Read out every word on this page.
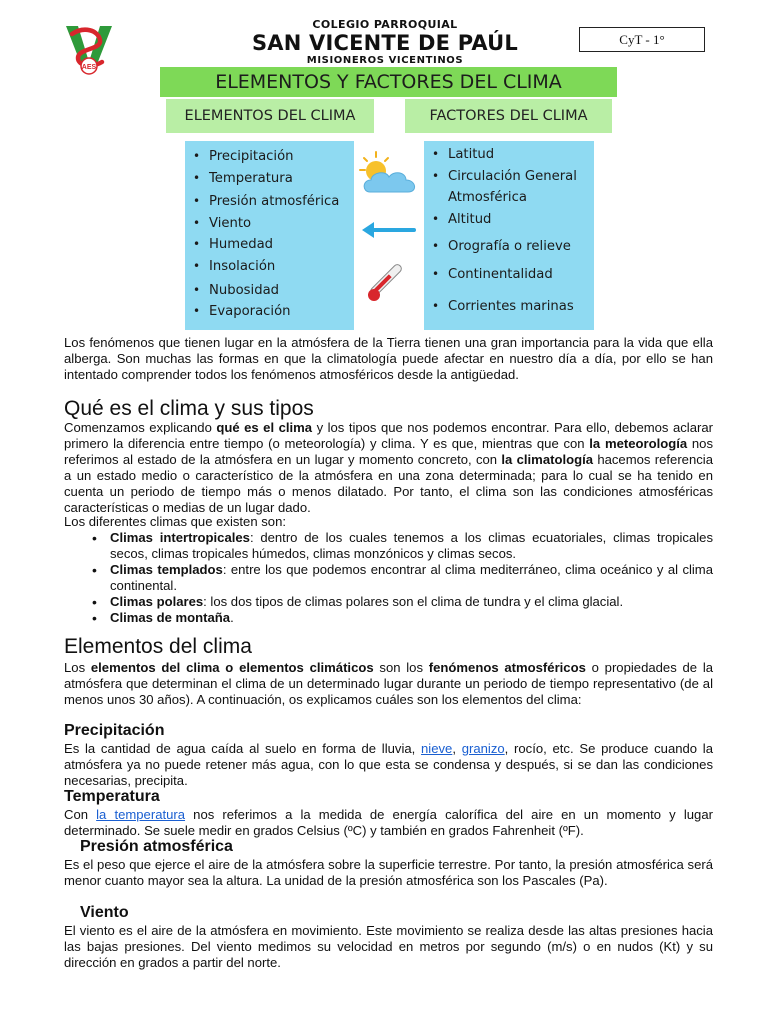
AES
COLEGIO PARROQUIAL
SAN VICENTE DE PAÚL
MISIONEROS VICENTINOS
CyT - 1°
ELEMENTOS Y FACTORES DEL CLIMA
ELEMENTOS DEL CLIMA	FACTORES DEL CLIMA
• Precipitación
• Temperatura
• Presión atmosférica
• Viento
• Humedad
• Insolación
• Nubosidad
• Evaporación
• Latitud
• Circulación General
Atmosférica
• Altitud
• Orografía o relieve
• Continentalidad
• Corrientes marinas
Los fenómenos que tienen lugar en la atmósfera de la Tierra tienen una gran importancia para la vida que ella alberga. Son muchas las formas en que la climatología puede afectar en nuestro día a día, por ello se han intentado comprender todos los fenómenos atmosféricos desde la antigüedad.
Qué es el clima y sus tipos
Comenzamos explicando qué es el clima y los tipos que nos podemos encontrar. Para ello, debemos aclarar primero la diferencia entre tiempo (o meteorología) y clima. Y es que, mientras que con la meteorología nos referimos al estado de la atmósfera en un lugar y momento concreto, con la climatología hacemos referencia a un estado medio o característico de la atmósfera en una zona determinada; para lo cual se ha tenido en cuenta un periodo de tiempo más o menos dilatado. Por tanto, el clima son las condiciones atmosféricas características o medias de un lugar dado.
Los diferentes climas que existen son:
• Climas intertropicales: dentro de los cuales tenemos a los climas ecuatoriales, climas tropicales secos, climas tropicales húmedos, climas monzónicos y climas secos.
• Climas templados: entre los que podemos encontrar al clima mediterráneo, clima oceánico y al clima continental.
• Climas polares: los dos tipos de climas polares son el clima de tundra y el clima glacial.
• Climas de montaña.
Elementos del clima
Los elementos del clima o elementos climáticos son los fenómenos atmosféricos o propiedades de la atmósfera que determinan el clima de un determinado lugar durante un periodo de tiempo representativo (de al menos unos 30 años). A continuación, os explicamos cuáles son los elementos del clima:
Precipitación
Es la cantidad de agua caída al suelo en forma de lluvia, nieve, granizo, rocío, etc. Se produce cuando la atmósfera ya no puede retener más agua, con lo que esta se condensa y después, si se dan las condiciones necesarias, precipita.
Temperatura
Con la temperatura nos referimos a la medida de energía calorífica del aire en un momento y lugar determinado. Se suele medir en grados Celsius (ºC) y también en grados Fahrenheit (ºF).
Presión atmosférica
Es el peso que ejerce el aire de la atmósfera sobre la superficie terrestre. Por tanto, la presión atmosférica será menor cuanto mayor sea la altura. La unidad de la presión atmosférica son los Pascales (Pa).
Viento
El viento es el aire de la atmósfera en movimiento. Este movimiento se realiza desde las altas presiones hacia las bajas presiones. Del viento medimos su velocidad en metros por segundo (m/s) o en nudos (Kt) y su dirección en grados a partir del norte.
